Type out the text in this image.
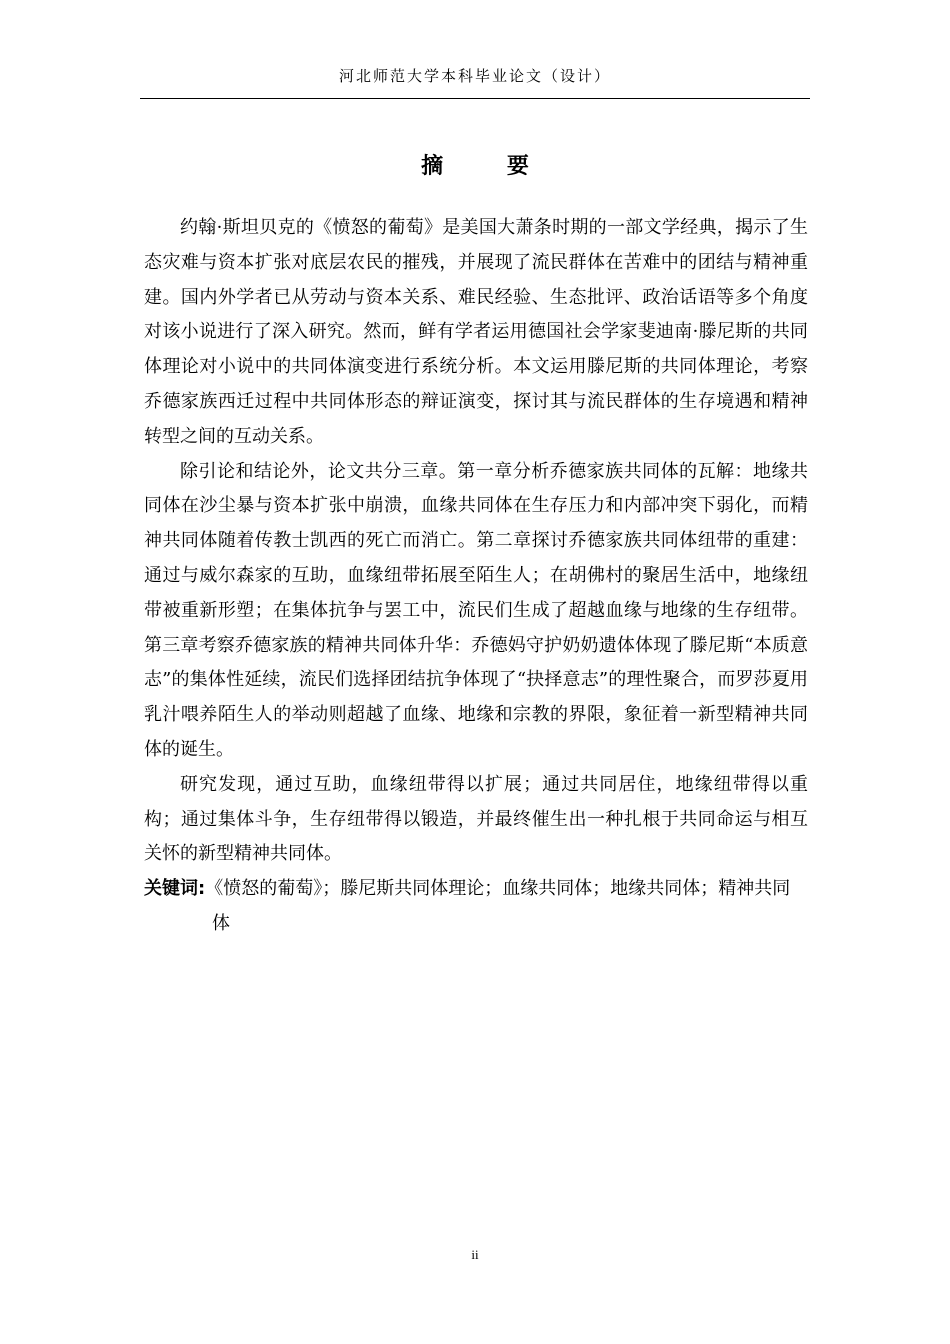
河北师范大学本科毕业论文（设计）
摘 要

约翰·斯坦贝克的《愤怒的葡萄》是美国大萧条时期的一部文学经典，揭示了生态灾难与资本扩张对底层农民的摧残，并展现了流民群体在苦难中的团结与精神重建。国内外学者已从劳动与资本关系、难民经验、生态批评、政治话语等多个角度对该小说进行了深入研究。然而，鲜有学者运用德国社会学家斐迪南·滕尼斯的共同体理论对小说中的共同体演变进行系统分析。本文运用滕尼斯的共同体理论，考察乔德家族西迁过程中共同体形态的辩证演变，探讨其与流民群体的生存境遇和精神转型之间的互动关系。

除引论和结论外，论文共分三章。第一章分析乔德家族共同体的瓦解：地缘共同体在沙尘暴与资本扩张中崩溃，血缘共同体在生存压力和内部冲突下弱化，而精神共同体随着传教士凯西的死亡而消亡。第二章探讨乔德家族共同体纽带的重建：通过与威尔森家的互助，血缘纽带拓展至陌生人；在胡佛村的聚居生活中，地缘纽带被重新形塑；在集体抗争与罢工中，流民们生成了超越血缘与地缘的生存纽带。第三章考察乔德家族的精神共同体升华：乔德妈守护奶奶遗体体现了滕尼斯“本质意志”的集体性延续，流民们选择团结抗争体现了“抉择意志”的理性聚合，而罗莎夏用乳汁喂养陌生人的举动则超越了血缘、地缘和宗教的界限，象征着一新型精神共同体的诞生。

研究发现，通过互助，血缘纽带得以扩展；通过共同居住，地缘纽带得以重构；通过集体斗争，生存纽带得以锻造，并最终催生出一种扎根于共同命运与相互关怀的新型精神共同体。

关键词:《愤怒的葡萄》；滕尼斯共同体理论；血缘共同体；地缘共同体；精神共同体

ii
